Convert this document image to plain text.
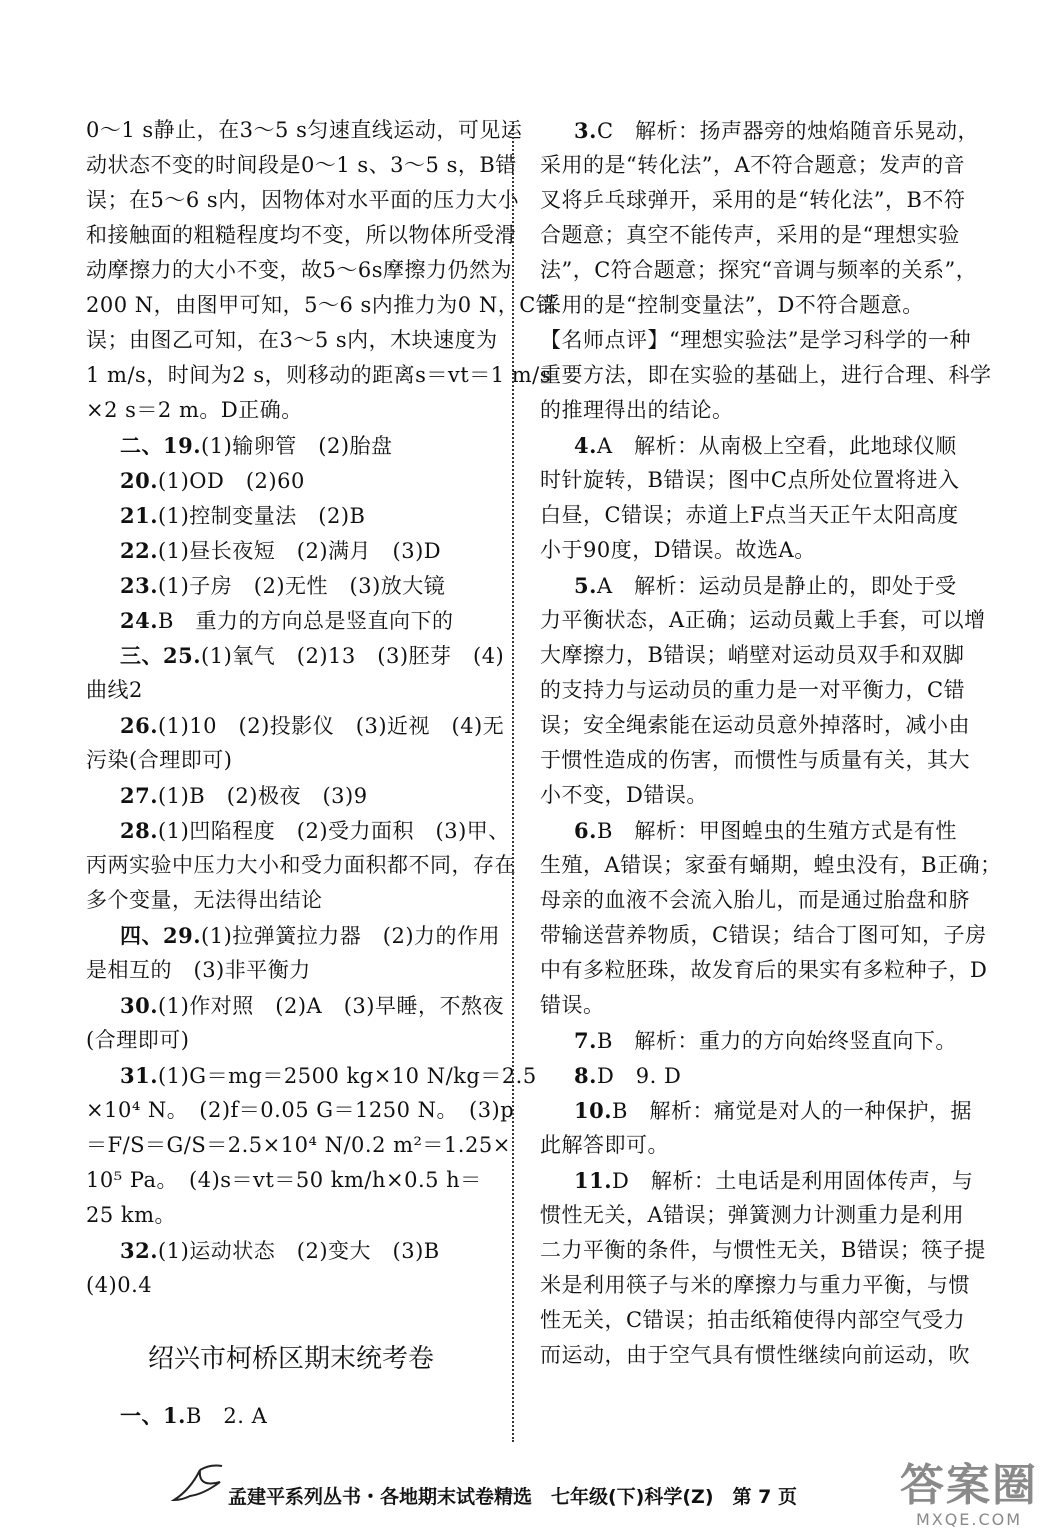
0～1 s静止，在3～5 s匀速直线运动，可见运
动状态不变的时间段是0～1 s、3～5 s，B错
误；在5～6 s内，因物体对水平面的压力大小
和接触面的粗糙程度均不变，所以物体所受滑
动摩擦力的大小不变，故5～6s摩擦力仍然为
200 N，由图甲可知，5～6 s内推力为0 N，C错
误；由图乙可知，在3～5 s内，木块速度为
1 m/s，时间为2 s，则移动的距离s＝vt＝1 m/s
×2 s＝2 m。D正确。
二、19.(1)输卵管　(2)胎盘
20.(1)OD　(2)60
21.(1)控制变量法　(2)B
22.(1)昼长夜短　(2)满月　(3)D
23.(1)子房　(2)无性　(3)放大镜
24.B　重力的方向总是竖直向下的
三、25.(1)氧气　(2)13　(3)胚芽　(4)
曲线2
26.(1)10　(2)投影仪　(3)近视　(4)无
污染(合理即可)
27.(1)B　(2)极夜　(3)9
28.(1)凹陷程度　(2)受力面积　(3)甲、
丙两实验中压力大小和受力面积都不同，存在
多个变量，无法得出结论
四、29.(1)拉弹簧拉力器　(2)力的作用
是相互的　(3)非平衡力
30.(1)作对照　(2)A　(3)早睡，不熬夜
(合理即可)
31.(1)G＝mg＝2500 kg×10 N/kg＝2.5
×10⁴ N。　(2)f＝0.05 G＝1250 N。　(3)p
＝F/S＝G/S＝2.5×10⁴ N/0.2 m²＝1.25×
10⁵ Pa。　(4)s＝vt＝50 km/h×0.5 h＝
25 km。
32.(1)运动状态　(2)变大　(3)B
(4)0.4
绍兴市柯桥区期末统考卷
一、1.B　2. A
3.C　解析：扬声器旁的烛焰随音乐晃动，
采用的是“转化法”，A不符合题意；发声的音
叉将乒乓球弹开，采用的是“转化法”，B不符
合题意；真空不能传声，采用的是“理想实验
法”，C符合题意；探究“音调与频率的关系”，
采用的是“控制变量法”，D不符合题意。
【名师点评】“理想实验法”是学习科学的一种
重要方法，即在实验的基础上，进行合理、科学
的推理得出的结论。
4.A　解析：从南极上空看，此地球仪顺
时针旋转，B错误；图中C点所处位置将进入
白昼，C错误；赤道上F点当天正午太阳高度
小于90度，D错误。故选A。
5.A　解析：运动员是静止的，即处于受
力平衡状态，A正确；运动员戴上手套，可以增
大摩擦力，B错误；峭壁对运动员双手和双脚
的支持力与运动员的重力是一对平衡力，C错
误；安全绳索能在运动员意外掉落时，减小由
于惯性造成的伤害，而惯性与质量有关，其大
小不变，D错误。
6.B　解析：甲图蝗虫的生殖方式是有性
生殖，A错误；家蚕有蛹期，蝗虫没有，B正确；
母亲的血液不会流入胎儿，而是通过胎盘和脐
带输送营养物质，C错误；结合丁图可知，子房
中有多粒胚珠，故发育后的果实有多粒种子，D
错误。
7.B　解析：重力的方向始终竖直向下。
8.D　9. D
10.B　解析：痛觉是对人的一种保护，据
此解答即可。
11.D　解析：土电话是利用固体传声，与
惯性无关，A错误；弹簧测力计测重力是利用
二力平衡的条件，与惯性无关，B错误；筷子提
米是利用筷子与米的摩擦力与重力平衡，与惯
性无关，C错误；拍击纸箱使得内部空气受力
而运动，由于空气具有惯性继续向前运动，吹
孟建平系列丛书・各地期末试卷精选　七年级(下)科学(Z)　第 7 页 答案圈
MXQE.COM
